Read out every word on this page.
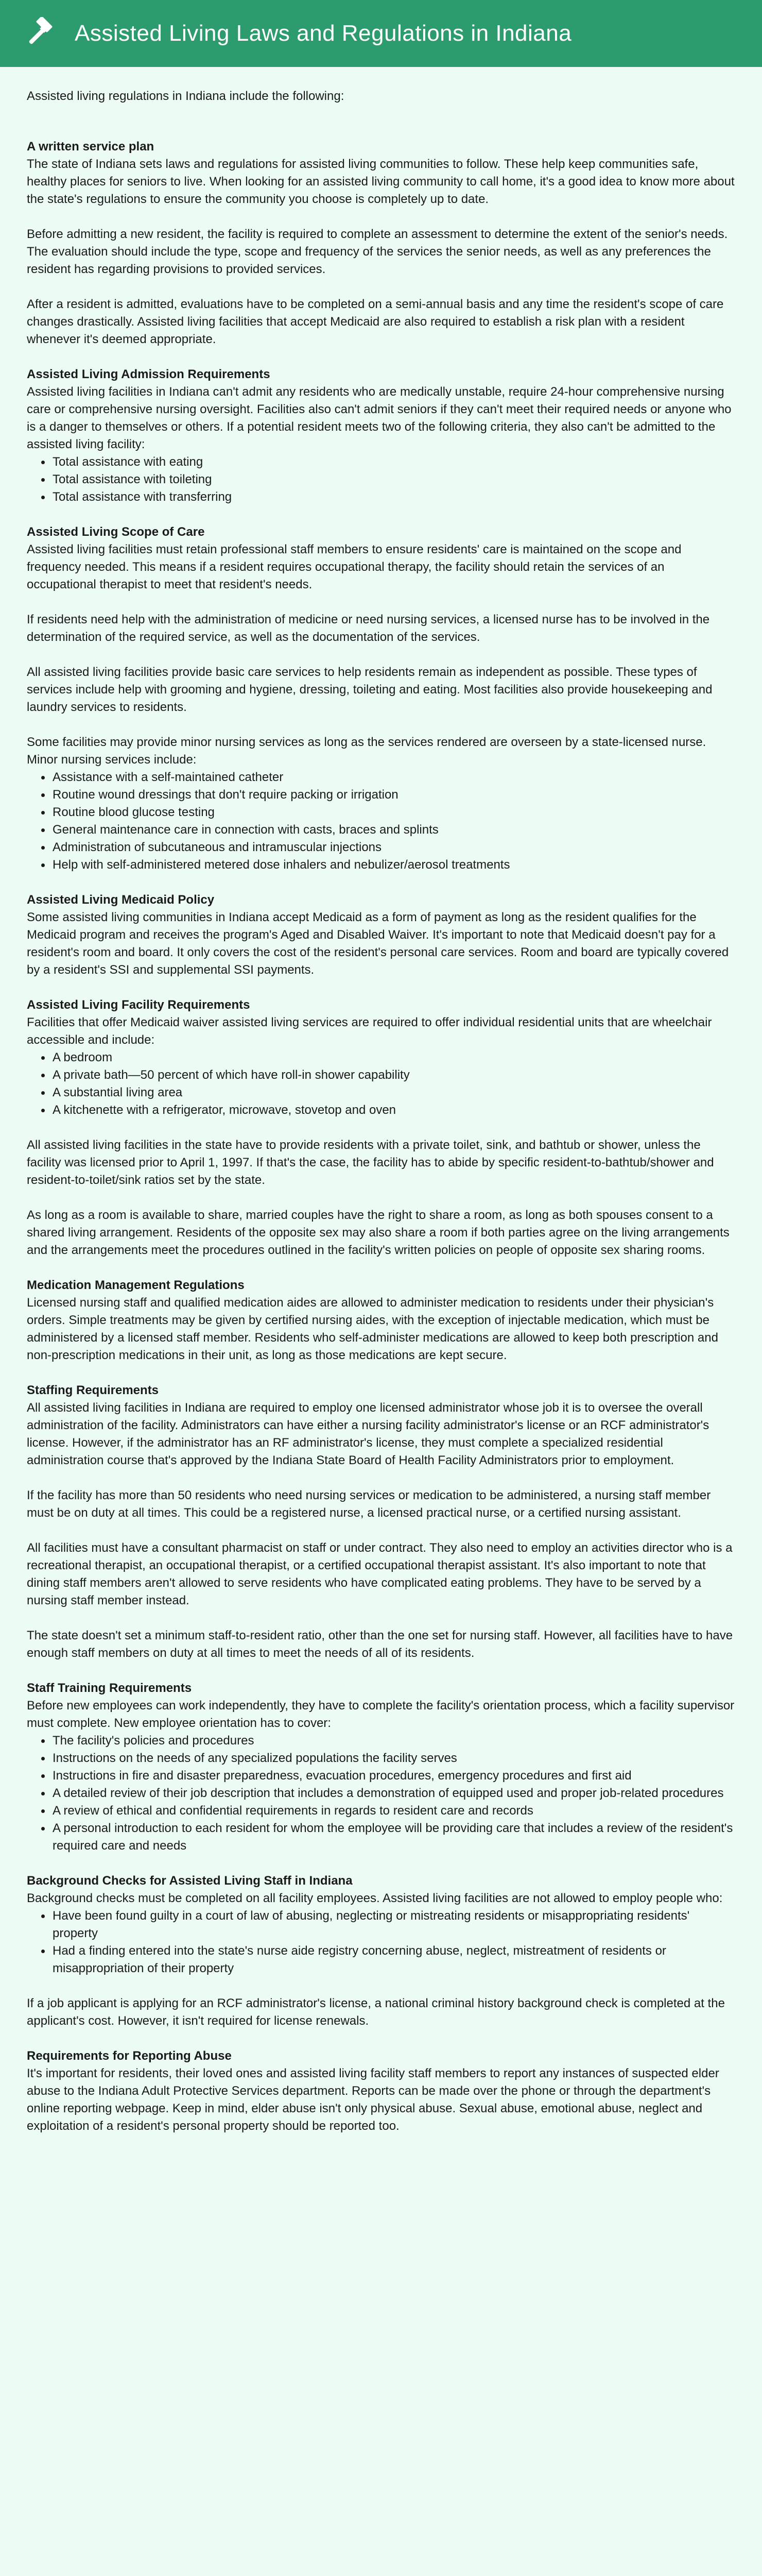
Assisted Living Laws and Regulations in Indiana

Assisted living regulations in Indiana include the following:

A written service plan

The state of Indiana sets laws and regulations for assisted living communities to follow. These help keep communities safe, healthy places for seniors to live. When looking for an assisted living community to call home, it's a good idea to know more about the state's regulations to ensure the community you choose is completely up to date.

Before admitting a new resident, the facility is required to complete an assessment to determine the extent of the senior's needs. The evaluation should include the type, scope and frequency of the services the senior needs, as well as any preferences the resident has regarding provisions to provided services.

After a resident is admitted, evaluations have to be completed on a semi-annual basis and any time the resident's scope of care changes drastically. Assisted living facilities that accept Medicaid are also required to establish a risk plan with a resident whenever it's deemed appropriate.

Assisted Living Admission Requirements

Assisted living facilities in Indiana can't admit any residents who are medically unstable, require 24-hour comprehensive nursing care or comprehensive nursing oversight. Facilities also can't admit seniors if they can't meet their required needs or anyone who is a danger to themselves or others. If a potential resident meets two of the following criteria, they also can't be admitted to the assisted living facility:

Total assistance with eating
Total assistance with toileting
Total assistance with transferring
Assisted Living Scope of Care

Assisted living facilities must retain professional staff members to ensure residents' care is maintained on the scope and frequency needed. This means if a resident requires occupational therapy, the facility should retain the services of an occupational therapist to meet that resident's needs.

If residents need help with the administration of medicine or need nursing services, a licensed nurse has to be involved in the determination of the required service, as well as the documentation of the services.

All assisted living facilities provide basic care services to help residents remain as independent as possible. These types of services include help with grooming and hygiene, dressing, toileting and eating. Most facilities also provide housekeeping and laundry services to residents.

Some facilities may provide minor nursing services as long as the services rendered are overseen by a state-licensed nurse. Minor nursing services include:

Assistance with a self-maintained catheter
Routine wound dressings that don't require packing or irrigation
Routine blood glucose testing
General maintenance care in connection with casts, braces and splints
Administration of subcutaneous and intramuscular injections
Help with self-administered metered dose inhalers and nebulizer/aerosol treatments
Assisted Living Medicaid Policy

Some assisted living communities in Indiana accept Medicaid as a form of payment as long as the resident qualifies for the Medicaid program and receives the program's Aged and Disabled Waiver. It's important to note that Medicaid doesn't pay for a resident's room and board. It only covers the cost of the resident's personal care services. Room and board are typically covered by a resident's SSI and supplemental SSI payments.

Assisted Living Facility Requirements

Facilities that offer Medicaid waiver assisted living services are required to offer individual residential units that are wheelchair accessible and include:

A bedroom
A private bath—50 percent of which have roll-in shower capability
A substantial living area
A kitchenette with a refrigerator, microwave, stovetop and oven

All assisted living facilities in the state have to provide residents with a private toilet, sink, and bathtub or shower, unless the facility was licensed prior to April 1, 1997. If that's the case, the facility has to abide by specific resident-to-bathtub/shower and resident-to-toilet/sink ratios set by the state.

As long as a room is available to share, married couples have the right to share a room, as long as both spouses consent to a shared living arrangement. Residents of the opposite sex may also share a room if both parties agree on the living arrangements and the arrangements meet the procedures outlined in the facility's written policies on people of opposite sex sharing rooms.

Medication Management Regulations

Licensed nursing staff and qualified medication aides are allowed to administer medication to residents under their physician's orders. Simple treatments may be given by certified nursing aides, with the exception of injectable medication, which must be administered by a licensed staff member. Residents who self-administer medications are allowed to keep both prescription and non-prescription medications in their unit, as long as those medications are kept secure.

Staffing Requirements

All assisted living facilities in Indiana are required to employ one licensed administrator whose job it is to oversee the overall administration of the facility. Administrators can have either a nursing facility administrator's license or an RCF administrator's license. However, if the administrator has an RF administrator's license, they must complete a specialized residential administration course that's approved by the Indiana State Board of Health Facility Administrators prior to employment.

If the facility has more than 50 residents who need nursing services or medication to be administered, a nursing staff member must be on duty at all times. This could be a registered nurse, a licensed practical nurse, or a certified nursing assistant.

All facilities must have a consultant pharmacist on staff or under contract. They also need to employ an activities director who is a recreational therapist, an occupational therapist, or a certified occupational therapist assistant. It's also important to note that dining staff members aren't allowed to serve residents who have complicated eating problems. They have to be served by a nursing staff member instead.

The state doesn't set a minimum staff-to-resident ratio, other than the one set for nursing staff. However, all facilities have to have enough staff members on duty at all times to meet the needs of all of its residents.

Staff Training Requirements

Before new employees can work independently, they have to complete the facility's orientation process, which a facility supervisor must complete. New employee orientation has to cover:

The facility's policies and procedures
Instructions on the needs of any specialized populations the facility serves
Instructions in fire and disaster preparedness, evacuation procedures, emergency procedures and first aid
A detailed review of their job description that includes a demonstration of equipped used and proper job-related procedures
A review of ethical and confidential requirements in regards to resident care and records
A personal introduction to each resident for whom the employee will be providing care that includes a review of the resident's required care and needs
Background Checks for Assisted Living Staff in Indiana

Background checks must be completed on all facility employees. Assisted living facilities are not allowed to employ people who:

Have been found guilty in a court of law of abusing, neglecting or mistreating residents or misappropriating residents' property
Had a finding entered into the state's nurse aide registry concerning abuse, neglect, mistreatment of residents or misappropriation of their property

If a job applicant is applying for an RCF administrator's license, a national criminal history background check is completed at the applicant's cost. However, it isn't required for license renewals.

Requirements for Reporting Abuse

It's important for residents, their loved ones and assisted living facility staff members to report any instances of suspected elder abuse to the Indiana Adult Protective Services department. Reports can be made over the phone or through the department's online reporting webpage. Keep in mind, elder abuse isn't only physical abuse. Sexual abuse, emotional abuse, neglect and exploitation of a resident's personal property should be reported too.
